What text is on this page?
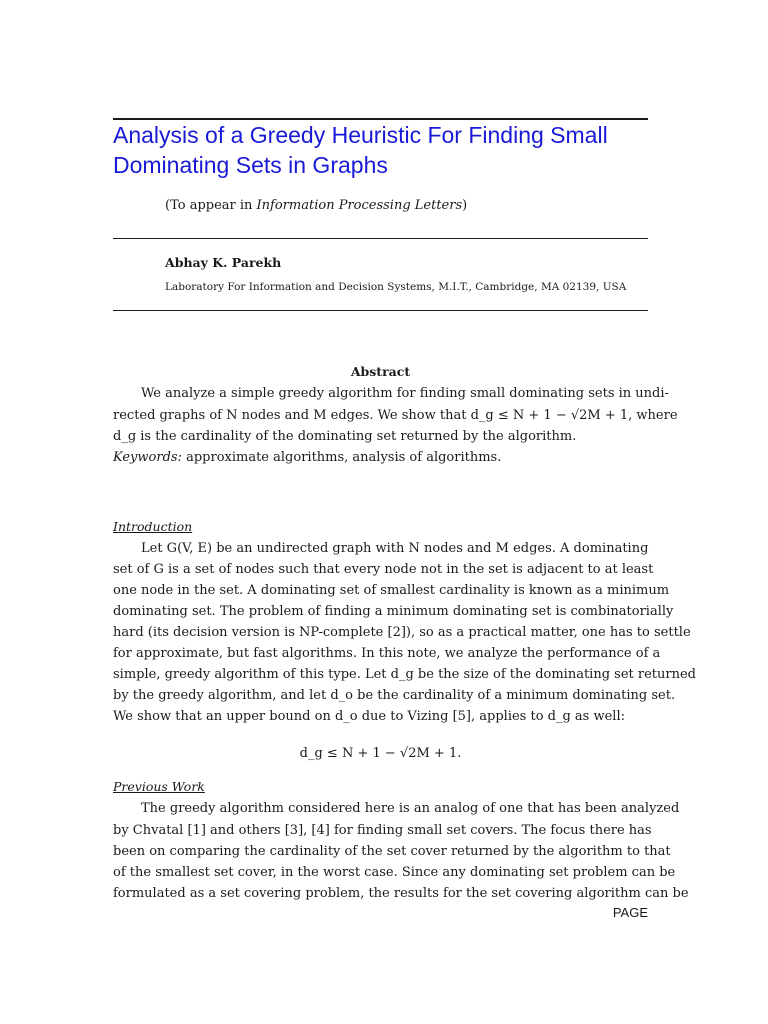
Analysis of a Greedy Heuristic For Finding Small Dominating Sets in Graphs
(To appear in Information Processing Letters)
Abhay K. Parekh
Laboratory For Information and Decision Systems, M.I.T., Cambridge, MA 02139, USA
Abstract
We analyze a simple greedy algorithm for finding small dominating sets in undi-
rected graphs of N nodes and M edges. We show that d_g ≤ N + 1 − √2M + 1, where
d_g is the cardinality of the dominating set returned by the algorithm.
Keywords: approximate algorithms, analysis of algorithms.
Introduction
Let G(V, E) be an undirected graph with N nodes and M edges. A dominating
set of G is a set of nodes such that every node not in the set is adjacent to at least
one node in the set. A dominating set of smallest cardinality is known as a minimum
dominating set. The problem of finding a minimum dominating set is combinatorially
hard (its decision version is NP-complete [2]), so as a practical matter, one has to settle
for approximate, but fast algorithms. In this note, we analyze the performance of a
simple, greedy algorithm of this type. Let d_g be the size of the dominating set returned
by the greedy algorithm, and let d_o be the cardinality of a minimum dominating set.
We show that an upper bound on d_o due to Vizing [5], applies to d_g as well:
d_g ≤ N + 1 − √2M + 1.
Previous Work
The greedy algorithm considered here is an analog of one that has been analyzed
by Chvatal [1] and others [3], [4] for finding small set covers. The focus there has
been on comparing the cardinality of the set cover returned by the algorithm to that
of the smallest set cover, in the worst case. Since any dominating set problem can be
formulated as a set covering problem, the results for the set covering algorithm can be
PAGE
